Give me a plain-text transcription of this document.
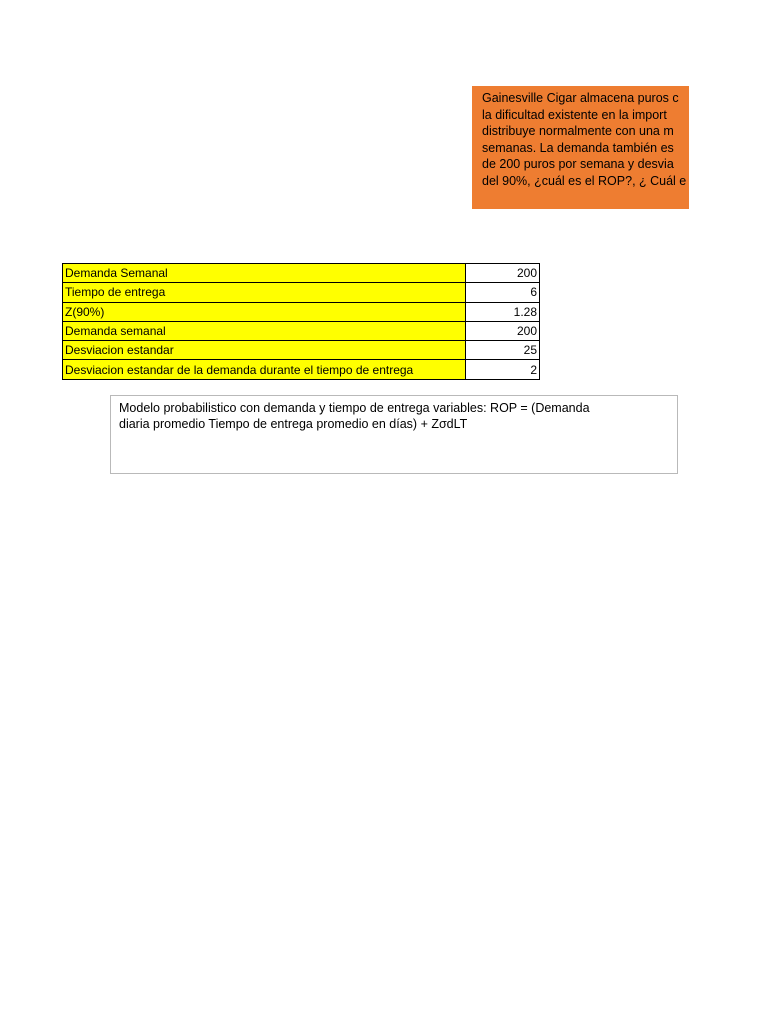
Gainesville Cigar almacena puros c
la dificultad existente en la import
distribuye normalmente con una m
semanas. La demanda también es
de 200 puros por semana y desvia
del 90%, ¿cuál es el ROP?, ¿ Cuál e
Demanda Semanal	200
Tiempo de entrega	6
Z(90%)	1.28
Demanda semanal	200
Desviacion estandar	25
Desviacion estandar de la demanda durante el tiempo de entrega	2
Modelo probabilistico con demanda y tiempo de entrega variables: ROP = (Demanda
diaria promedio Tiempo de entrega promedio en días) + ZσdLT
